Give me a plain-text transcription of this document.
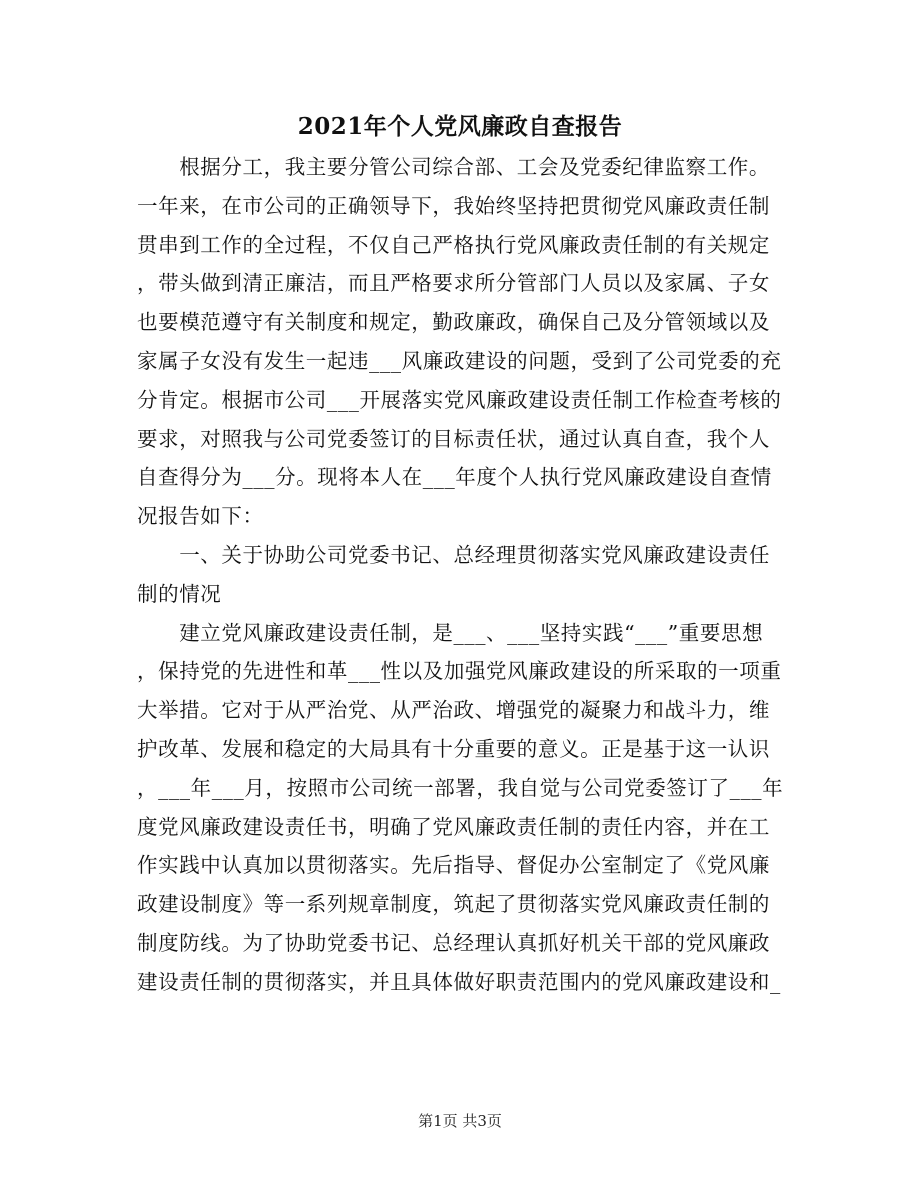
2021年个人党风廉政自查报告
　　根据分工，我主要分管公司综合部、工会及党委纪律监察工作。
一年来，在市公司的正确领导下，我始终坚持把贯彻党风廉政责任制
贯串到工作的全过程，不仅自己严格执行党风廉政责任制的有关规定
，带头做到清正廉洁，而且严格要求所分管部门人员以及家属、子女
也要模范遵守有关制度和规定，勤政廉政，确保自己及分管领域以及
家属子女没有发生一起违___风廉政建设的问题，受到了公司党委的充
分肯定。根据市公司___开展落实党风廉政建设责任制工作检查考核的
要求，对照我与公司党委签订的目标责任状，通过认真自查，我个人
自查得分为___分。现将本人在___年度个人执行党风廉政建设自查情
况报告如下：
　　一、关于协助公司党委书记、总经理贯彻落实党风廉政建设责任
制的情况
　　建立党风廉政建设责任制，是___、___坚持实践“___”重要思想
，保持党的先进性和革___性以及加强党风廉政建设的所采取的一项重
大举措。它对于从严治党、从严治政、增强党的凝聚力和战斗力，维
护改革、发展和稳定的大局具有十分重要的意义。正是基于这一认识
，___年___月，按照市公司统一部署，我自觉与公司党委签订了___年
度党风廉政建设责任书，明确了党风廉政责任制的责任内容，并在工
作实践中认真加以贯彻落实。先后指导、督促办公室制定了《党风廉
政建设制度》等一系列规章制度，筑起了贯彻落实党风廉政责任制的
制度防线。为了协助党委书记、总经理认真抓好机关干部的党风廉政
建设责任制的贯彻落实，并且具体做好职责范围内的党风廉政建设和_
第1页 共3页
